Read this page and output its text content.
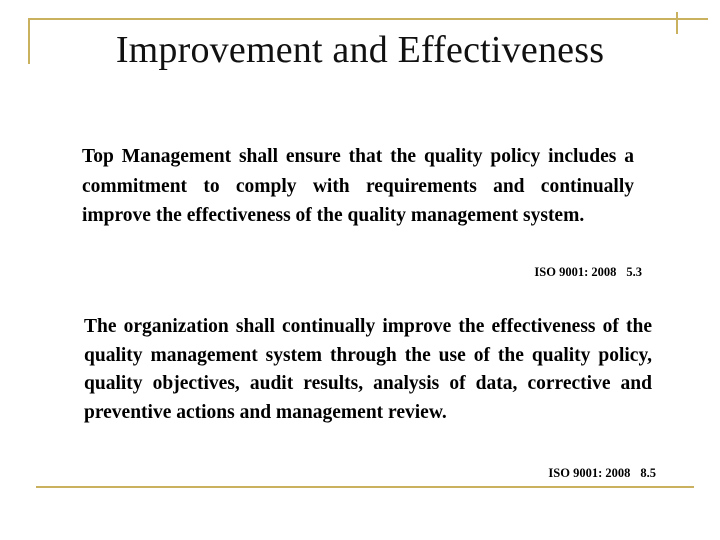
Improvement and Effectiveness

Top Management shall ensure that the quality policy includes a commitment to comply with requirements and continually improve the effectiveness of the quality management system.

ISO 9001: 2008 5.3

The organization shall continually improve the effectiveness of the quality management system through the use of the quality policy, quality objectives, audit results, analysis of data, corrective and preventive actions and management review.

ISO 9001: 2008 8.5
